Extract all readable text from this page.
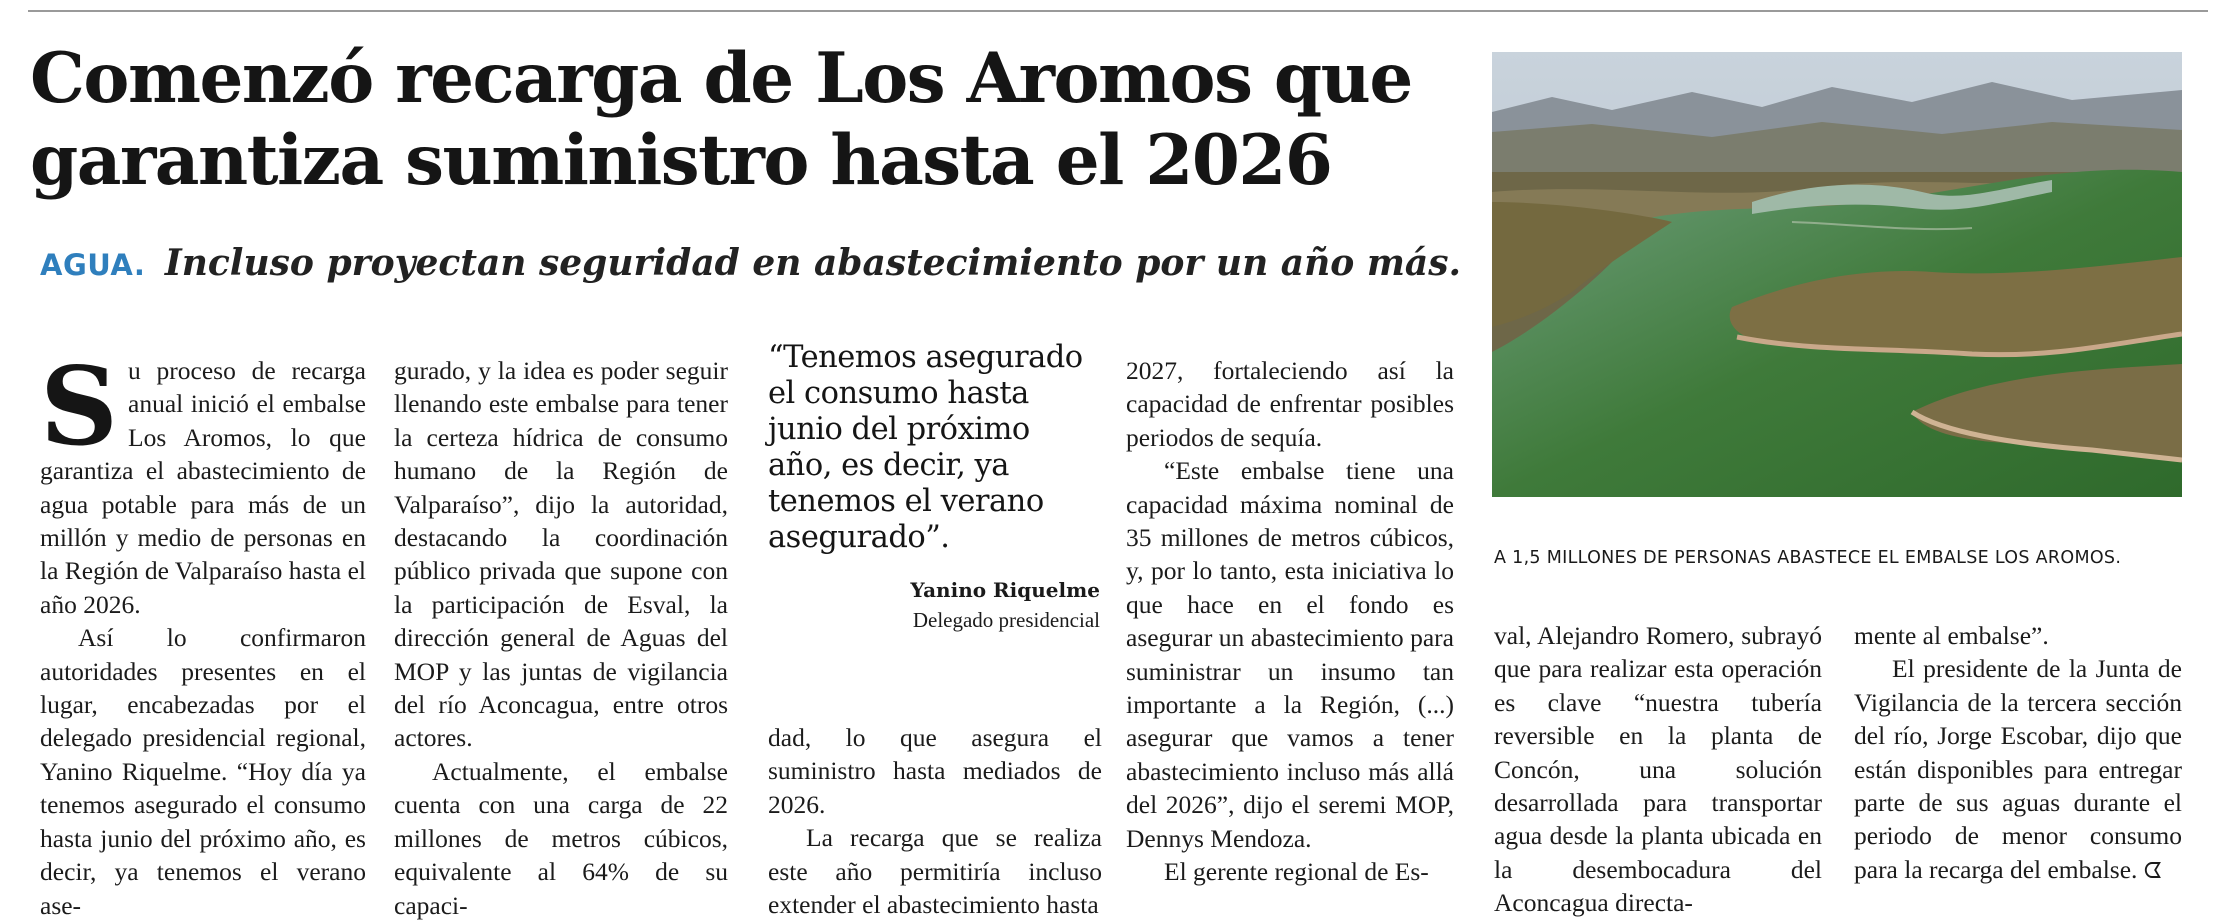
Comenzó recarga de Los Aromos que garantiza suministro hasta el 2026
AGUA. Incluso proyectan seguridad en abastecimiento por un año más.
S u proceso de recarga anual inició el embalse Los Aromos, lo que garantiza el abastecimiento de agua potable para más de un millón y medio de personas en la Región de Valparaíso hasta el año 2026.

Así lo confirmaron autoridades presentes en el lugar, encabezadas por el delegado presidencial regional, Yanino Riquelme. “Hoy día ya tenemos asegurado el consumo hasta junio del próximo año, es decir, ya tenemos el verano ase-

gurado, y la idea es poder seguir llenando este embalse para tener la certeza hídrica de consumo humano de la Región de Valparaíso”, dijo la autoridad, destacando la coordinación público privada que supone con la participación de Esval, la dirección general de Aguas del MOP y las juntas de vigilancia del río Aconcagua, entre otros actores.

Actualmente, el embalse cuenta con una carga de 22 millones de metros cúbicos, equivalente al 64% de su capaci-

“Tenemos asegurado el consumo hasta junio del próximo año, es decir, ya tenemos el verano asegurado”.
Yanino Riquelme
Delegado presidencial

dad, lo que asegura el suministro hasta mediados de 2026.

La recarga que se realiza este año permitiría incluso extender el abastecimiento hasta

2027, fortaleciendo así la capacidad de enfrentar posibles periodos de sequía.

“Este embalse tiene una capacidad máxima nominal de 35 millones de metros cúbicos, y, por lo tanto, esta iniciativa lo que hace en el fondo es asegurar un abastecimiento para suministrar un insumo tan importante a la Región, (...) asegurar que vamos a tener abastecimiento incluso más allá del 2026”, dijo el seremi MOP, Dennys Mendoza.

El gerente regional de Es-

A 1,5 MILLONES DE PERSONAS ABASTECE EL EMBALSE LOS AROMOS.

val, Alejandro Romero, subrayó que para realizar esta operación es clave “nuestra tubería reversible en la planta de Concón, una solución desarrollada para transportar agua desde la planta ubicada en la desembocadura del Aconcagua directa-

mente al embalse”.

El presidente de la Junta de Vigilancia de la tercera sección del río, Jorge Escobar, dijo que están disponibles para entregar parte de sus aguas durante el periodo de menor consumo para la recarga del embalse. ᗧ
